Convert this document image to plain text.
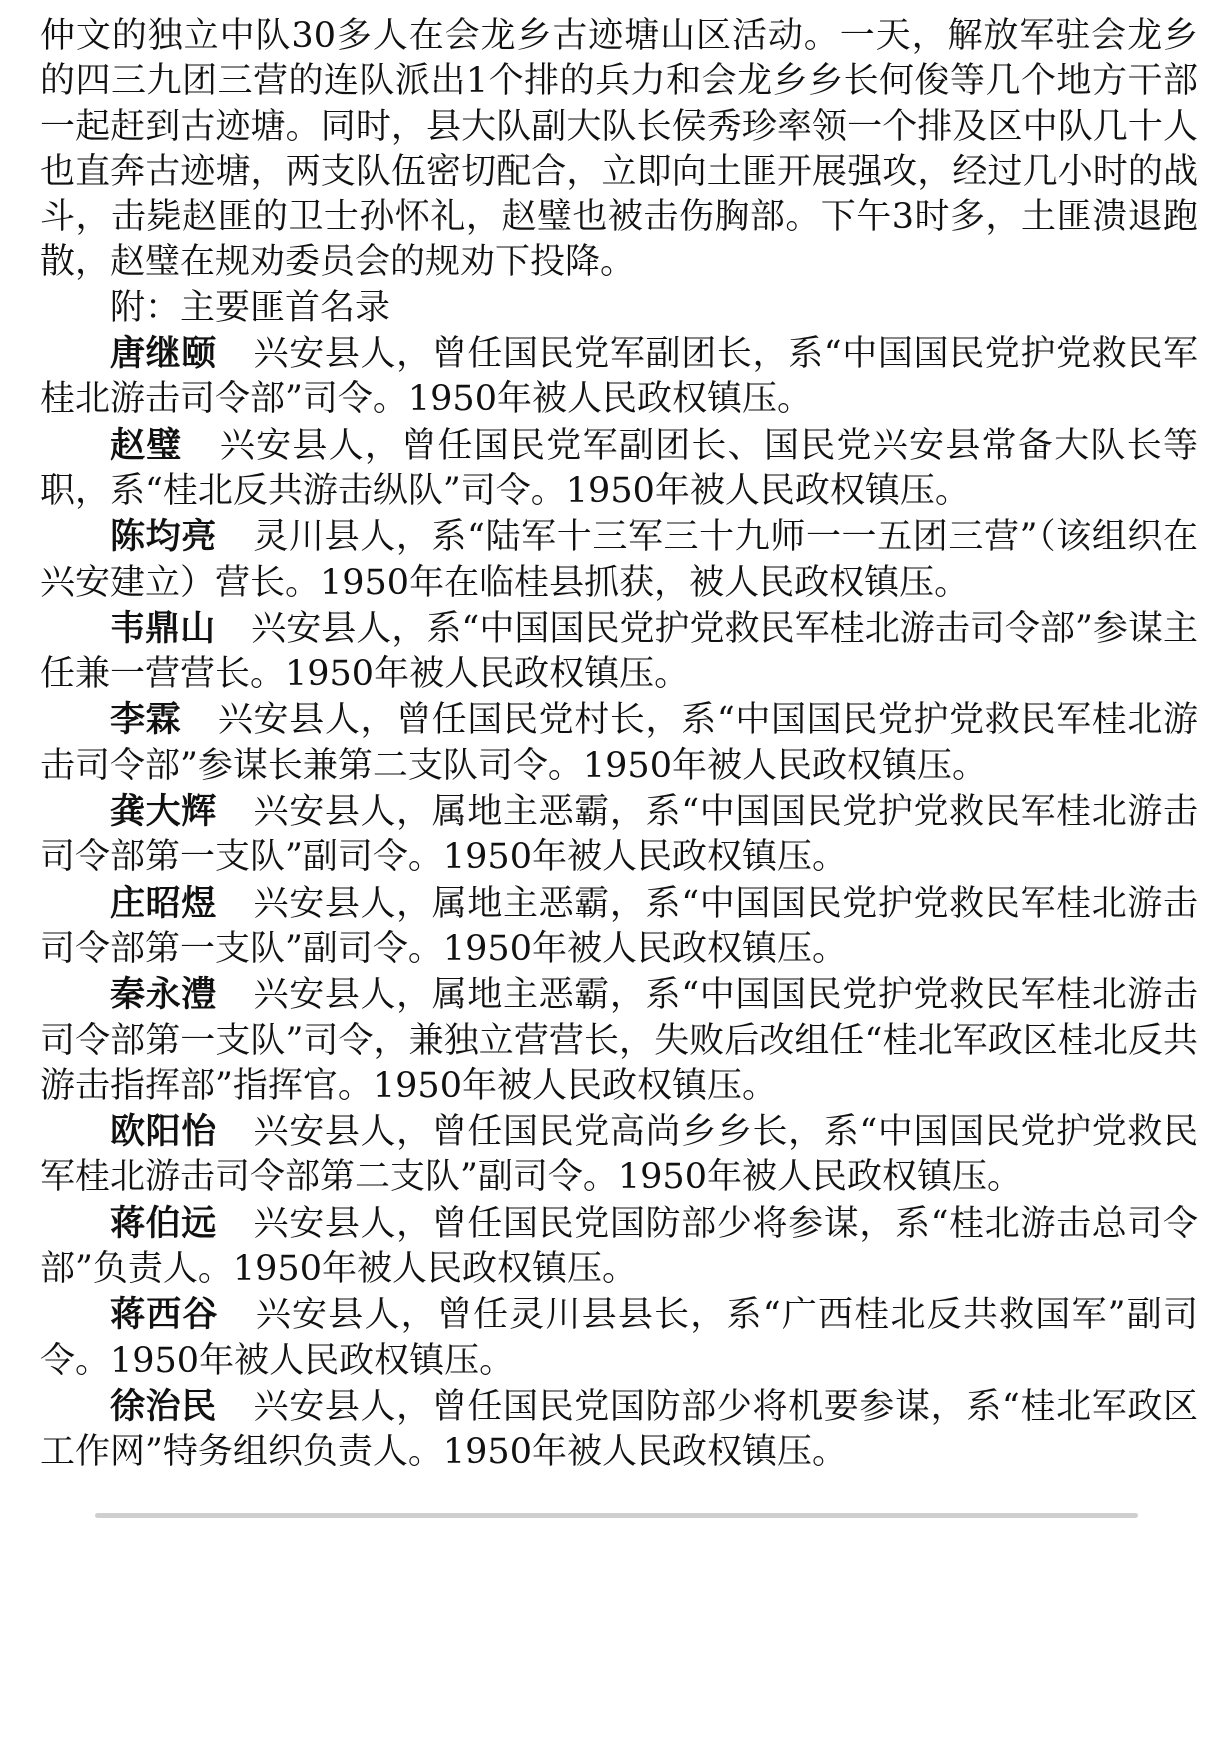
仲文的独立中队30多人在会龙乡古迹塘山区活动。一天，解放军驻会龙乡的四三九团三营的连队派出1个排的兵力和会龙乡乡长何俊等几个地方干部一起赶到古迹塘。同时，县大队副大队长侯秀珍率领一个排及区中队几十人也直奔古迹塘，两支队伍密切配合，立即向土匪开展强攻，经过几小时的战斗，击毙赵匪的卫士孙怀礼，赵璧也被击伤胸部。下午3时多，土匪溃退跑散，赵璧在规劝委员会的规劝下投降。

附：主要匪首名录

唐继颐 兴安县人，曾任国民党军副团长，系“中国国民党护党救民军桂北游击司令部”司令。1950年被人民政权镇压。

赵璧 兴安县人，曾任国民党军副团长、国民党兴安县常备大队长等职，系“桂北反共游击纵队”司令。1950年被人民政权镇压。

陈均亮 灵川县人，系“陆军十三军三十九师一一五团三营”（该组织在兴安建立）营长。1950年在临桂县抓获，被人民政权镇压。

韦鼎山 兴安县人，系“中国国民党护党救民军桂北游击司令部”参谋主任兼一营营长。1950年被人民政权镇压。

李霖 兴安县人，曾任国民党村长，系“中国国民党护党救民军桂北游击司令部”参谋长兼第二支队司令。1950年被人民政权镇压。

龚大辉 兴安县人，属地主恶霸，系“中国国民党护党救民军桂北游击司令部第一支队”副司令。1950年被人民政权镇压。

庄昭煜 兴安县人，属地主恶霸，系“中国国民党护党救民军桂北游击司令部第一支队”副司令。1950年被人民政权镇压。

秦永澧 兴安县人，属地主恶霸，系“中国国民党护党救民军桂北游击司令部第一支队”司令，兼独立营营长，失败后改组任“桂北军政区桂北反共游击指挥部”指挥官。1950年被人民政权镇压。

欧阳怡 兴安县人，曾任国民党高尚乡乡长，系“中国国民党护党救民军桂北游击司令部第二支队”副司令。1950年被人民政权镇压。

蒋伯远 兴安县人，曾任国民党国防部少将参谋，系“桂北游击总司令部”负责人。1950年被人民政权镇压。

蒋西谷 兴安县人，曾任灵川县县长，系“广西桂北反共救国军”副司令。1950年被人民政权镇压。

徐治民 兴安县人，曾任国民党国防部少将机要参谋，系“桂北军政区工作网”特务组织负责人。1950年被人民政权镇压。
